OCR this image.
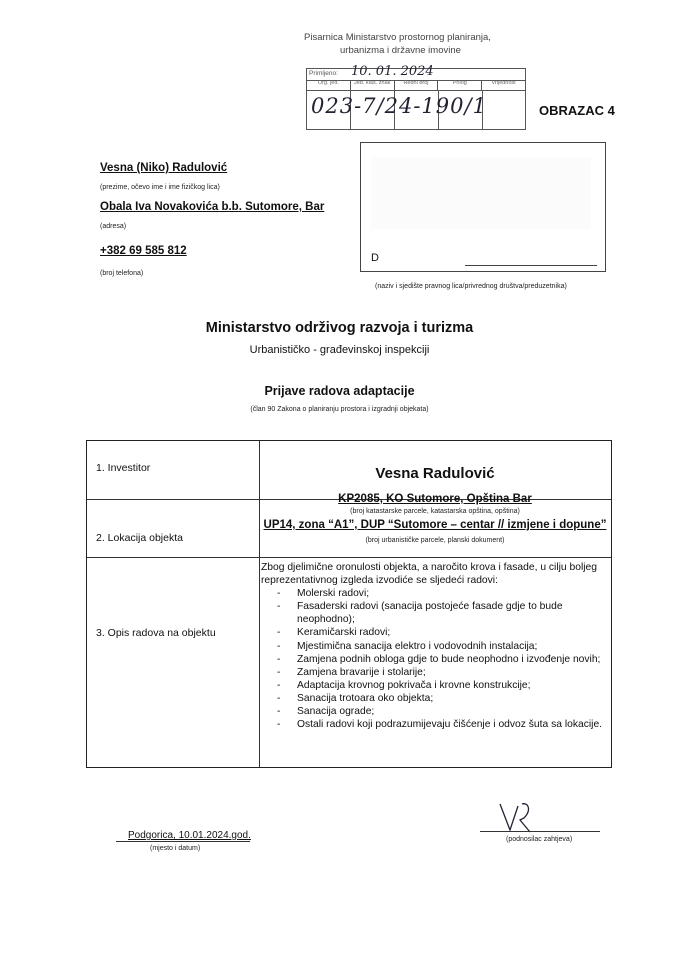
Pisarnica Ministarstvo prostornog planiranja,
urbanizma i državne imovine
Primljeno: 10. 01. 2024
Org. jed.	Jed. klas. znak	Redni broj	Prilog	Vrijednost
023-7/24-190/1	OBRAZAC 4
Vesna (Niko) Radulović
(prezime, očevo ime i ime fizičkog lica)
Obala Iva Novakovića b.b. Sutomore, Bar
(adresa)
+382 69 585 812
(broj telefona)
D
(naziv i sjedište pravnog lica/privrednog društva/preduzetnika)
Ministarstvo održivog razvoja i turizma
Urbanističko - građevinskoj inspekciji
Prijave radova adaptacije
(član 90 Zakona o planiranju prostora i izgradnji objekata)
1. Investitor	Vesna Radulović
2. Lokacija objekta
KP2085, KO Sutomore, Opština Bar
(broj katastarske parcele, katastarska opština, opština)
UP14, zona “A1”, DUP “Sutomore – centar // izmjene i dopune”
(broj urbanističke parcele, planski dokument)
3. Opis radova na objektu
Zbog djelimične oronulosti objekta, a naročito krova i fasade, u cilju boljeg reprezentativnog izgleda izvodiće se sljedeći radovi:
- Molerski radovi;
- Fasaderski radovi (sanacija postojeće fasade gdje to bude neophodno);
- Keramičarski radovi;
- Mjestimična sanacija elektro i vodovodnih instalacija;
- Zamjena podnih obloga gdje to bude neophodno i izvođenje novih;
- Zamjena bravarije i stolarije;
- Adaptacija krovnog pokrivača i krovne konstrukcije;
- Sanacija trotoara oko objekta;
- Sanacija ograde;
- Ostali radovi koji podrazumijevaju čišćenje i odvoz šuta sa lokacije.
Podgorica, 10.01.2024.god.
(mjesto i datum)
(podnosilac zahtjeva)
